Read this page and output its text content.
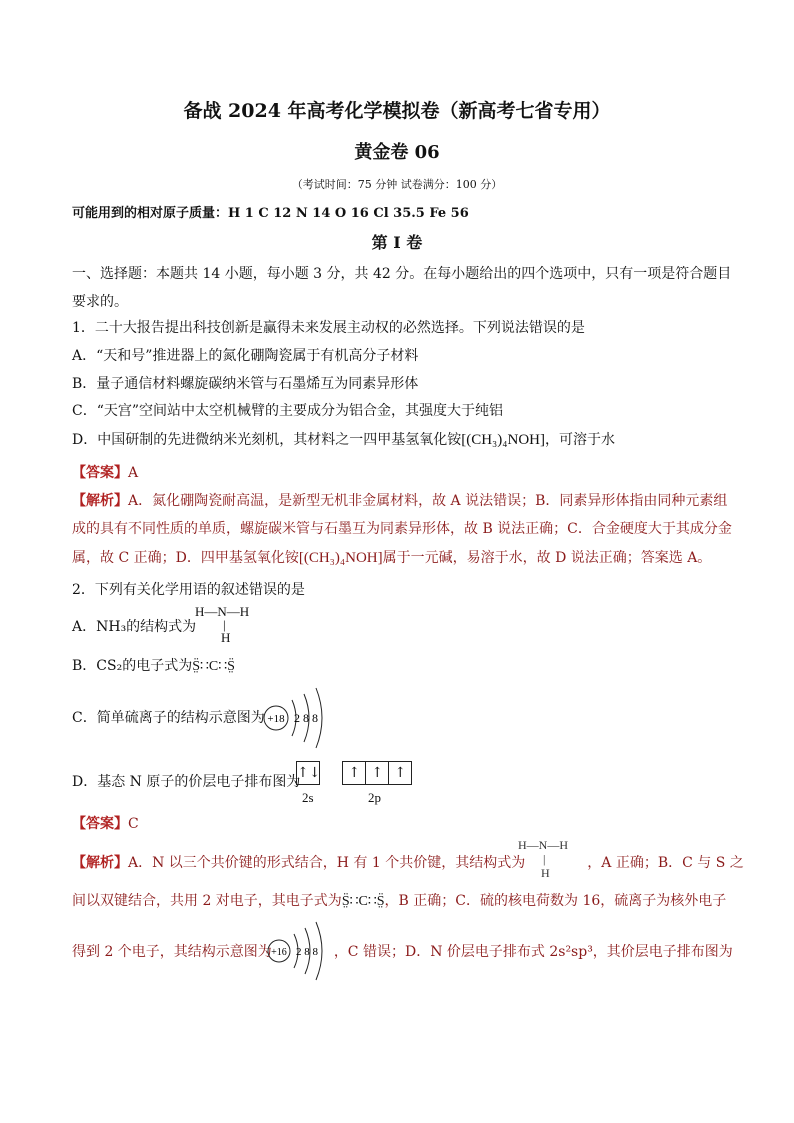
备战 2024 年高考化学模拟卷（新高考七省专用）
黄金卷 06
（考试时间：75 分钟 试卷满分：100 分）
可能用到的相对原子质量：H 1 C 12 N 14 O 16 Cl 35.5 Fe 56
第 I 卷
一、选择题：本题共 14 小题，每小题 3 分，共 42 分。在每小题给出的四个选项中，只有一项是符合题目
要求的。
1．二十大报告提出科技创新是赢得未来发展主动权的必然选择。下列说法错误的是
A．“天和号”推进器上的氮化硼陶瓷属于有机高分子材料
B．量子通信材料螺旋碳纳米管与石墨烯互为同素异形体
C．“天宫”空间站中太空机械臂的主要成分为铝合金，其强度大于纯铝
D．中国研制的先进微纳米光刻机，其材料之一四甲基氢氧化铵[(CH₃)₄NOH]，可溶于水
【答案】A
【解析】A．氮化硼陶瓷耐高温，是新型无机非金属材料，故 A 说法错误；B．同素异形体指由同种元素组
成的具有不同性质的单质，螺旋碳米管与石墨互为同素异形体，故 B 说法正确；C．合金硬度大于其成分金
属，故 C 正确；D．四甲基氢氧化铵[(CH₃)₄NOH]属于一元碱，易溶于水，故 D 说法正确；答案选 A。
2．下列有关化学用语的叙述错误的是
A．NH₃的结构式为
H—N—H
|
H
B．CS₂的电子式为S̤̈∷C∷S̤̈
C．简单硫离子的结构示意图为 +18 2 8 8
D．基态 N 原子的价层电子排布图为
↑↓ ↑ ↑ ↑
2s	2p
【答案】C
【解析】A．N 以三个共价键的形式结合，H 有 1 个共价键，其结构式为	，A 正确；B．C 与 S 之
H—N—H
|
H
间以双键结合，共用 2 对电子，其电子式为S̤̈∷C∷S̤̈，B 正确；C．硫的核电荷数为 16，硫离子为核外电子
得到 2 个电子，其结构示意图为	，C 错误；D．N 价层电子排布式 2s²sp³，其价层电子排布图为
+16 2 8 8
